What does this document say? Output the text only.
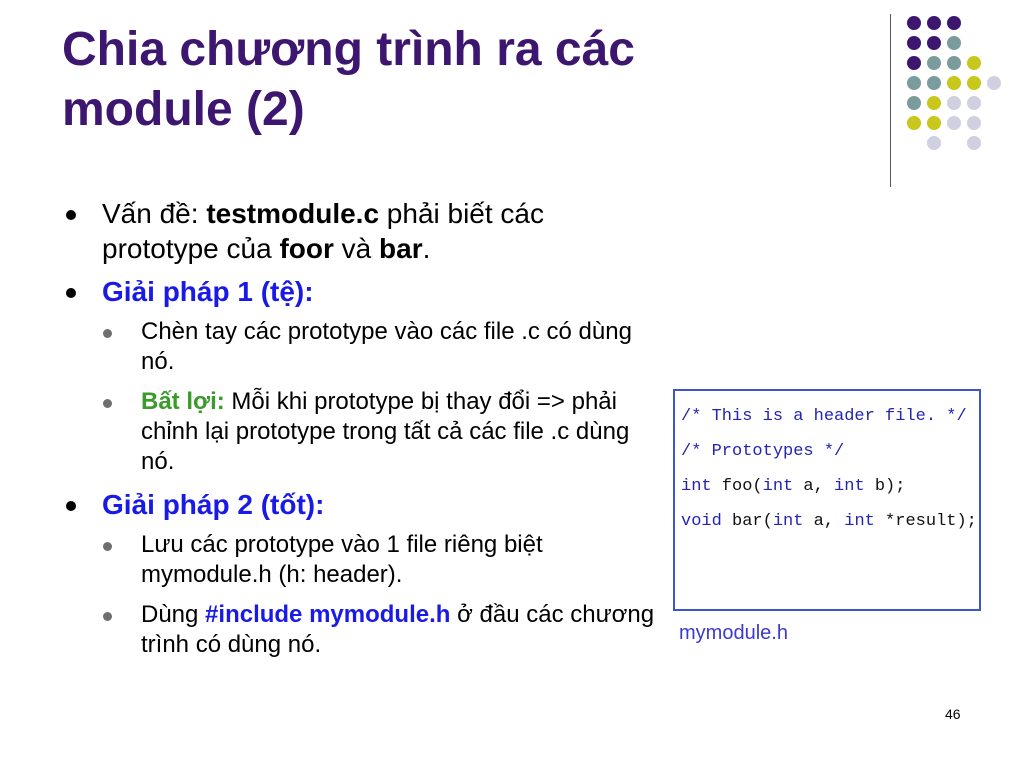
Chia chương trình ra các module (2)
Vấn đề: testmodule.c phải biết các prototype của foor và bar.
Giải pháp 1 (tệ):
Chèn tay các prototype vào các file .c có dùng nó.
Bất lợi: Mỗi khi prototype bị thay đổi => phải chỉnh lại prototype trong tất cả các file .c dùng nó.
Giải pháp 2 (tốt):
Lưu các prototype vào 1 file riêng biệt mymodule.h (h: header).
Dùng #include mymodule.h ở đầu các chương trình có dùng nó.
/* This is a header file. */
/* Prototypes */
int foo(int a, int b);
void bar(int a, int *result);
mymodule.h
46
